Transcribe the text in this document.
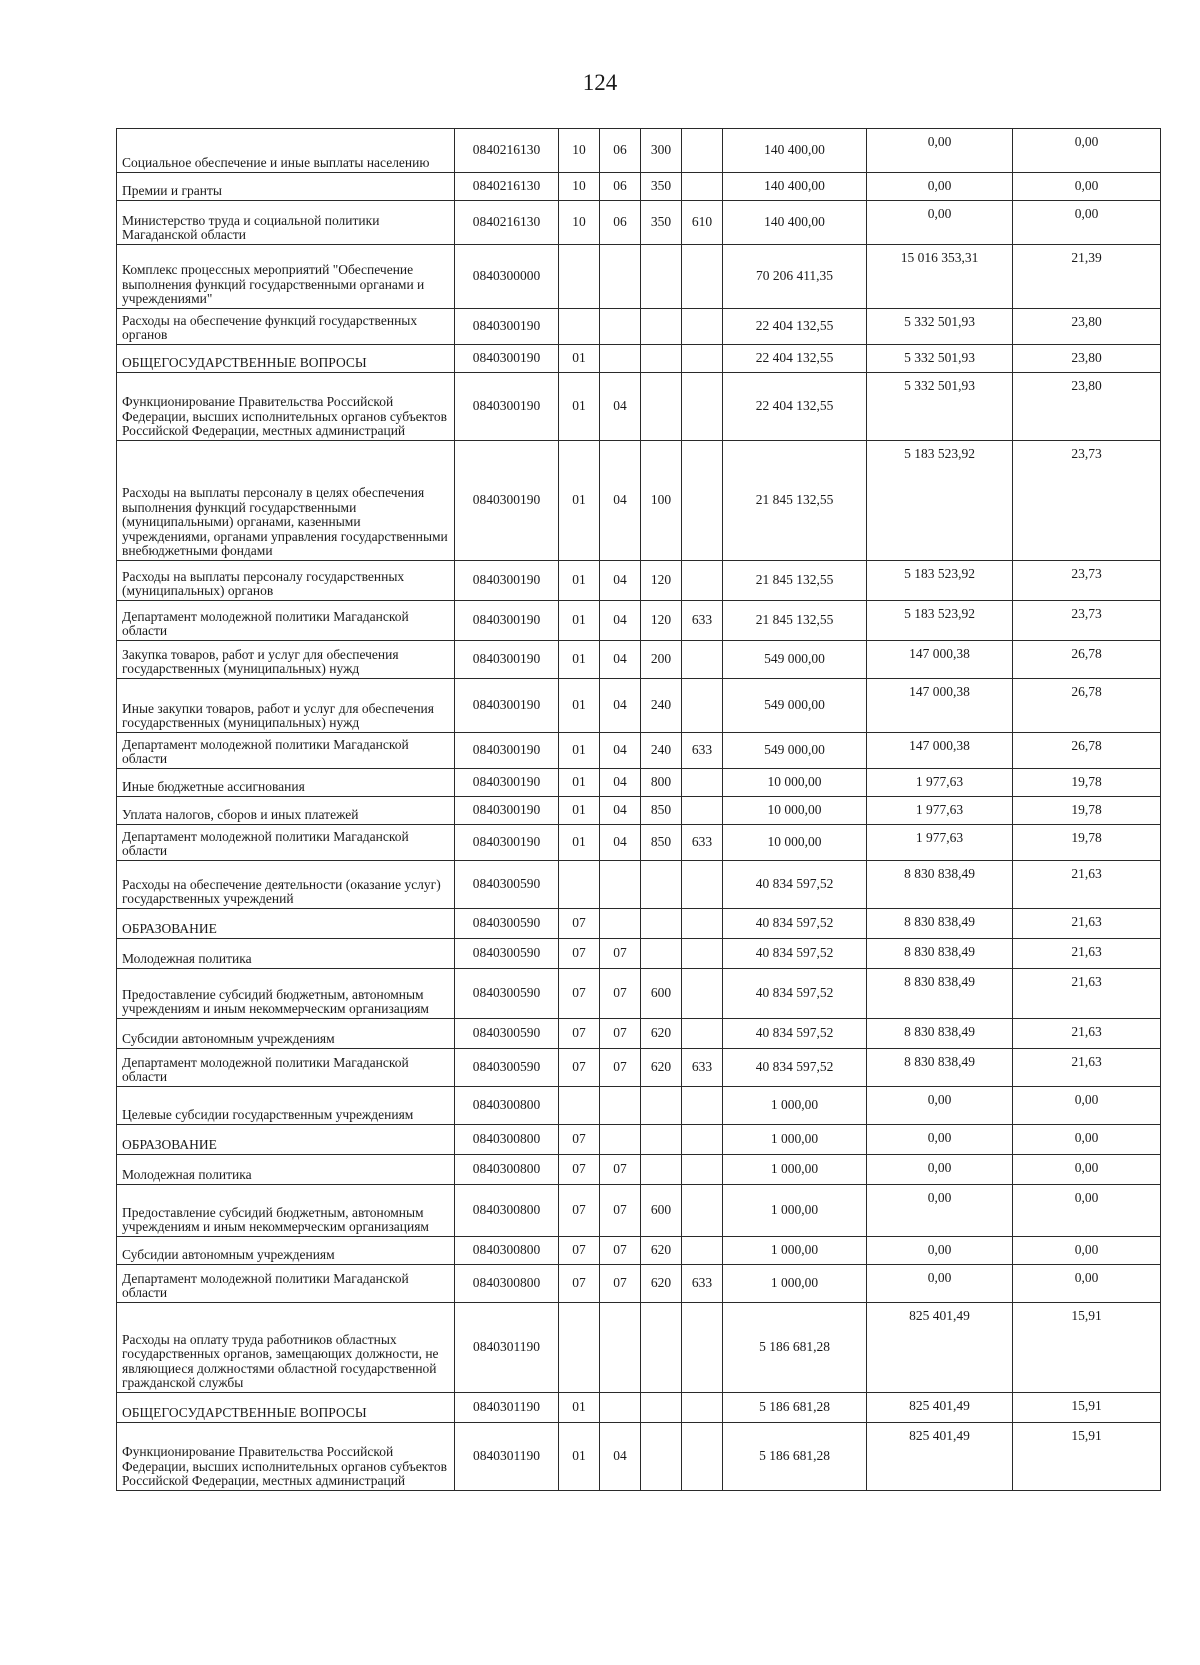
124
Социальное обеспечение и иные выплаты населению	0840216130	10	06	300		140 400,00	0,00	0,00
Премии и гранты	0840216130	10	06	350		140 400,00	0,00	0,00
Министерство труда и социальной политики Магаданской области	0840216130	10	06	350	610	140 400,00	0,00	0,00
Комплекс процессных мероприятий "Обеспечение выполнения функций государственными органами и учреждениями"	0840300000					70 206 411,35	15 016 353,31	21,39
Расходы на обеспечение функций государственных органов	0840300190					22 404 132,55	5 332 501,93	23,80
ОБЩЕГОСУДАРСТВЕННЫЕ ВОПРОСЫ	0840300190	01				22 404 132,55	5 332 501,93	23,80
Функционирование Правительства Российской Федерации, высших исполнительных органов субъектов Российской Федерации, местных администраций	0840300190	01	04			22 404 132,55	5 332 501,93	23,80
Расходы на выплаты персоналу в целях обеспечения выполнения функций государственными (муниципальными) органами, казенными учреждениями, органами управления государственными внебюджетными фондами	0840300190	01	04	100		21 845 132,55	5 183 523,92	23,73
Расходы на выплаты персоналу государственных (муниципальных) органов	0840300190	01	04	120		21 845 132,55	5 183 523,92	23,73
Департамент молодежной политики Магаданской области	0840300190	01	04	120	633	21 845 132,55	5 183 523,92	23,73
Закупка товаров, работ и услуг для обеспечения государственных (муниципальных) нужд	0840300190	01	04	200		549 000,00	147 000,38	26,78
Иные закупки товаров, работ и услуг для обеспечения государственных (муниципальных) нужд	0840300190	01	04	240		549 000,00	147 000,38	26,78
Департамент молодежной политики Магаданской области	0840300190	01	04	240	633	549 000,00	147 000,38	26,78
Иные бюджетные ассигнования	0840300190	01	04	800		10 000,00	1 977,63	19,78
Уплата налогов, сборов и иных платежей	0840300190	01	04	850		10 000,00	1 977,63	19,78
Департамент молодежной политики Магаданской области	0840300190	01	04	850	633	10 000,00	1 977,63	19,78
Расходы на обеспечение деятельности (оказание услуг) государственных учреждений	0840300590					40 834 597,52	8 830 838,49	21,63
ОБРАЗОВАНИЕ	0840300590	07				40 834 597,52	8 830 838,49	21,63
Молодежная политика	0840300590	07	07			40 834 597,52	8 830 838,49	21,63
Предоставление субсидий бюджетным, автономным учреждениям и иным некоммерческим организациям	0840300590	07	07	600		40 834 597,52	8 830 838,49	21,63
Субсидии автономным учреждениям	0840300590	07	07	620		40 834 597,52	8 830 838,49	21,63
Департамент молодежной политики Магаданской области	0840300590	07	07	620	633	40 834 597,52	8 830 838,49	21,63
Целевые субсидии государственным учреждениям	0840300800					1 000,00	0,00	0,00
ОБРАЗОВАНИЕ	0840300800	07				1 000,00	0,00	0,00
Молодежная политика	0840300800	07	07			1 000,00	0,00	0,00
Предоставление субсидий бюджетным, автономным учреждениям и иным некоммерческим организациям	0840300800	07	07	600		1 000,00	0,00	0,00
Субсидии автономным учреждениям	0840300800	07	07	620		1 000,00	0,00	0,00
Департамент молодежной политики Магаданской области	0840300800	07	07	620	633	1 000,00	0,00	0,00
Расходы на оплату труда работников областных государственных органов, замещающих должности, не являющиеся должностями областной государственной гражданской службы	0840301190					5 186 681,28	825 401,49	15,91
ОБЩЕГОСУДАРСТВЕННЫЕ ВОПРОСЫ	0840301190	01				5 186 681,28	825 401,49	15,91
Функционирование Правительства Российской Федерации, высших исполнительных органов субъектов Российской Федерации, местных администраций	0840301190	01	04			5 186 681,28	825 401,49	15,91
